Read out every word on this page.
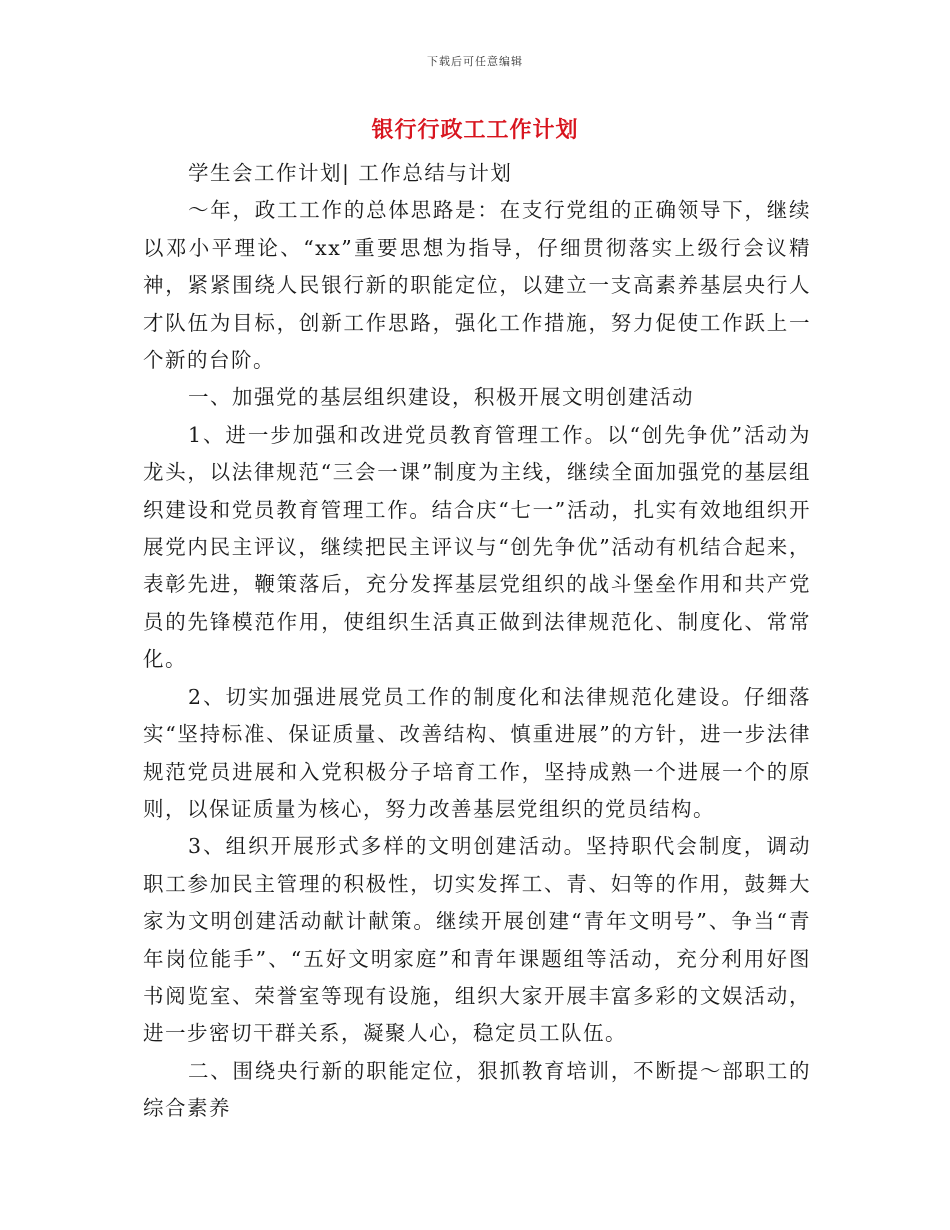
下载后可任意编辑
银行行政工工作计划

学生会工作计划| 工作总结与计划

～年，政工工作的总体思路是：在支行党组的正确领导下，继续以邓小平理论、“xx”重要思想为指导，仔细贯彻落实上级行会议精神，紧紧围绕人民银行新的职能定位，以建立一支高素养基层央行人才队伍为目标，创新工作思路，强化工作措施，努力促使工作跃上一个新的台阶。

一、加强党的基层组织建设，积极开展文明创建活动

1、进一步加强和改进党员教育管理工作。以“创先争优”活动为龙头，以法律规范“三会一课”制度为主线，继续全面加强党的基层组织建设和党员教育管理工作。结合庆“七一”活动，扎实有效地组织开展党内民主评议，继续把民主评议与“创先争优”活动有机结合起来，表彰先进，鞭策落后，充分发挥基层党组织的战斗堡垒作用和共产党员的先锋模范作用，使组织生活真正做到法律规范化、制度化、常常化。

2、切实加强进展党员工作的制度化和法律规范化建设。仔细落实“坚持标准、保证质量、改善结构、慎重进展”的方针，进一步法律规范党员进展和入党积极分子培育工作，坚持成熟一个进展一个的原则，以保证质量为核心，努力改善基层党组织的党员结构。

3、组织开展形式多样的文明创建活动。坚持职代会制度，调动职工参加民主管理的积极性，切实发挥工、青、妇等的作用，鼓舞大家为文明创建活动献计献策。继续开展创建“青年文明号”、争当“青年岗位能手”、“五好文明家庭”和青年课题组等活动，充分利用好图书阅览室、荣誉室等现有设施，组织大家开展丰富多彩的文娱活动，进一步密切干群关系，凝聚人心，稳定员工队伍。

二、围绕央行新的职能定位，狠抓教育培训，不断提～部职工的综合素养
